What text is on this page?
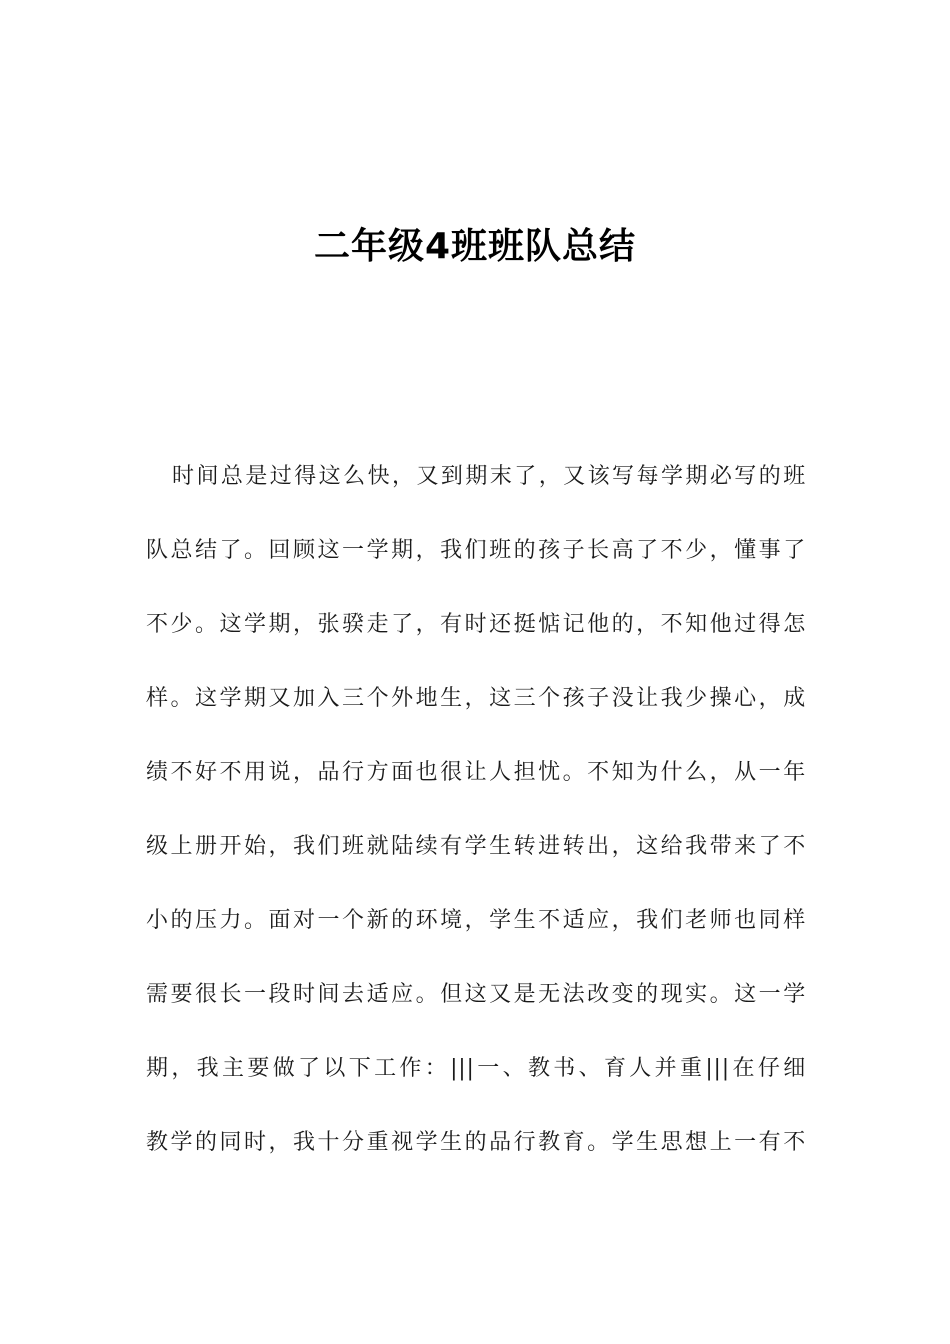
二年级4班班队总结
时间总是过得这么快，又到期末了，又该写每学期必写的班
队总结了。回顾这一学期，我们班的孩子长高了不少，懂事了
不少。这学期，张骙走了，有时还挺惦记他的，不知他过得怎
样。这学期又加入三个外地生，这三个孩子没让我少操心，成
绩不好不用说，品行方面也很让人担忧。不知为什么，从一年
级上册开始，我们班就陆续有学生转进转出，这给我带来了不
小的压力。面对一个新的环境，学生不适应，我们老师也同样
需要很长一段时间去适应。但这又是无法改变的现实。这一学
期，我主要做了以下工作：|||一、教书、育人并重|||在仔细
教学的同时，我十分重视学生的品行教育。学生思想上一有不
